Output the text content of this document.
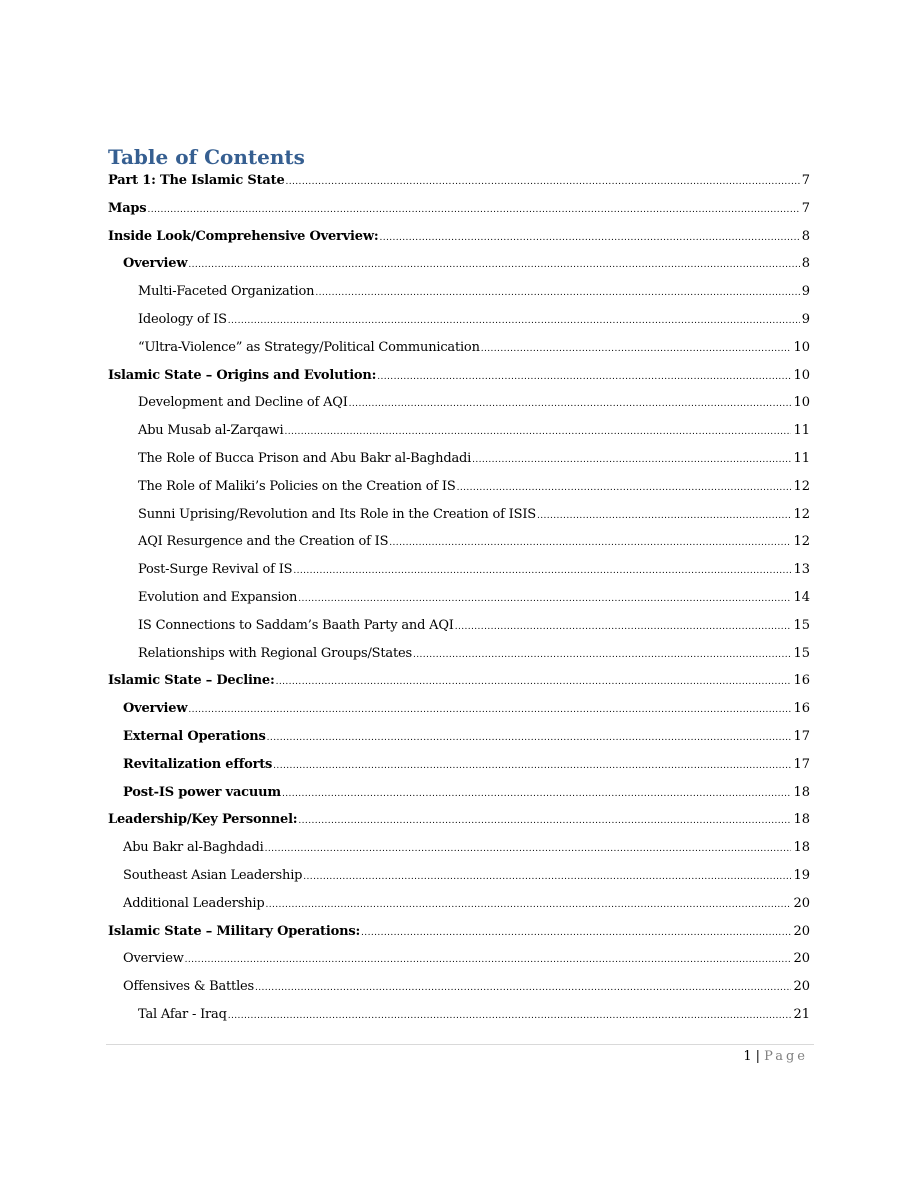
Table of Contents
Part 1: The Islamic State .....	7
Maps .....	7
Inside Look/Comprehensive Overview: .....	8
Overview .....	8
Multi-Faceted Organization .....	9
Ideology of IS .....	9
“Ultra-Violence” as Strategy/Political Communication .....	10
Islamic State – Origins and Evolution: .....	10
Development and Decline of AQI .....	10
Abu Musab al-Zarqawi .....	11
The Role of Bucca Prison and Abu Bakr al-Baghdadi .....	11
The Role of Maliki’s Policies on the Creation of IS .....	12
Sunni Uprising/Revolution and Its Role in the Creation of ISIS .....	12
AQI Resurgence and the Creation of IS .....	12
Post-Surge Revival of IS .....	13
Evolution and Expansion .....	14
IS Connections to Saddam’s Baath Party and AQI .....	15
Relationships with Regional Groups/States .....	15
Islamic State – Decline: .....	16
Overview .....	16
External Operations .....	17
Revitalization efforts .....	17
Post-IS power vacuum .....	18
Leadership/Key Personnel: .....	18
Abu Bakr al-Baghdadi .....	18
Southeast Asian Leadership .....	19
Additional Leadership .....	20
Islamic State – Military Operations: .....	20
Overview .....	20
Offensives & Battles .....	20
Tal Afar - Iraq .....	21
1 | Page
